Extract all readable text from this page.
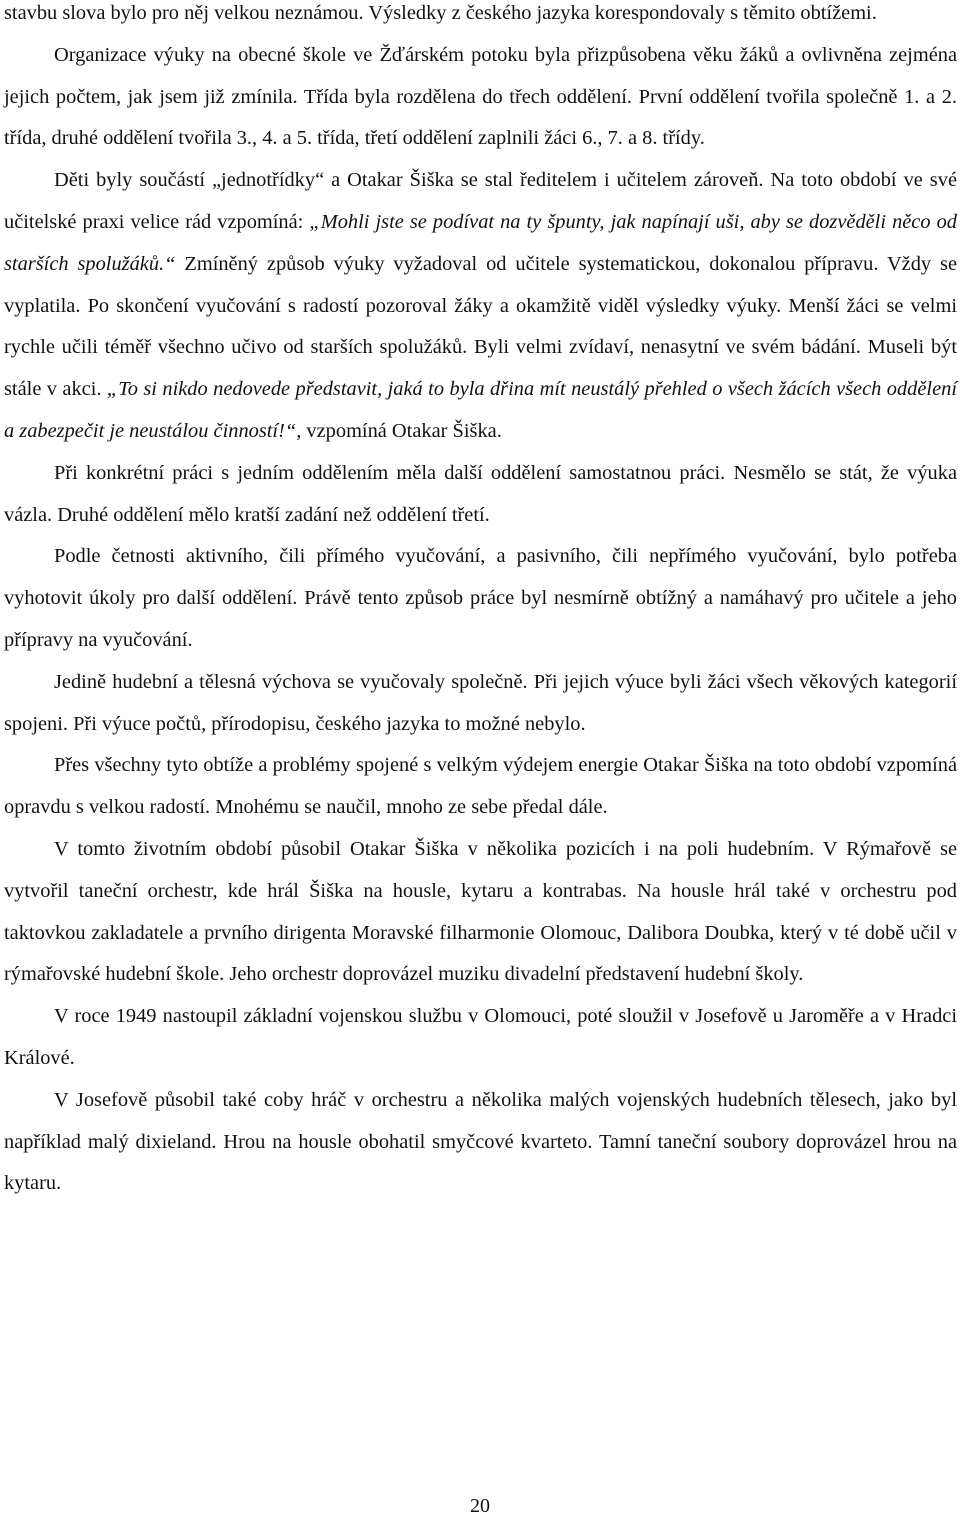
stavbu slova bylo pro něj velkou neznámou. Výsledky z českého jazyka korespondovaly s těmito obtížemi.

Organizace výuky na obecné škole ve Žďárském potoku byla přizpůsobena věku žáků a ovlivněna zejména jejich počtem, jak jsem již zmínila. Třída byla rozdělena do třech oddělení. První oddělení tvořila společně 1. a 2. třída, druhé oddělení tvořila 3., 4. a 5. třída, třetí oddělení zaplnili žáci 6., 7. a 8. třídy.

Děti byly součástí „jednotřídky“ a Otakar Šiška se stal ředitelem i učitelem zároveň. Na toto období ve své učitelské praxi velice rád vzpomíná: „Mohli jste se podívat na ty špunty, jak napínají uši, aby se dozvěděli něco od starších spolužáků.“ Zmíněný způsob výuky vyžadoval od učitele systematickou, dokonalou přípravu. Vždy se vyplatila. Po skončení vyučování s radostí pozoroval žáky a okamžitě viděl výsledky výuky. Menší žáci se velmi rychle učili téměř všechno učivo od starších spolužáků. Byli velmi zvídaví, nenasytní ve svém bádání. Museli být stále v akci. „To si nikdo nedovede představit, jaká to byla dřina mít neustálý přehled o všech žácích všech oddělení a zabezpečit je neustálou činností!“, vzpomíná Otakar Šiška.

Při konkrétní práci s jedním oddělením měla další oddělení samostatnou práci. Nesmělo se stát, že výuka vázla. Druhé oddělení mělo kratší zadání než oddělení třetí.

Podle četnosti aktivního, čili přímého vyučování, a pasivního, čili nepřímého vyučování, bylo potřeba vyhotovit úkoly pro další oddělení. Právě tento způsob práce byl nesmírně obtížný a namáhavý pro učitele a jeho přípravy na vyučování.

Jedině hudební a tělesná výchova se vyučovaly společně. Při jejich výuce byli žáci všech věkových kategorií spojeni. Při výuce počtů, přírodopisu, českého jazyka to možné nebylo.

Přes všechny tyto obtíže a problémy spojené s velkým výdejem energie Otakar Šiška na toto období vzpomíná opravdu s velkou radostí. Mnohému se naučil, mnoho ze sebe předal dále.

V tomto životním období působil Otakar Šiška v několika pozicích i na poli hudebním. V Rýmařově se vytvořil taneční orchestr, kde hrál Šiška na housle, kytaru a kontrabas. Na housle hrál také v orchestru pod taktovkou zakladatele a prvního dirigenta Moravské filharmonie Olomouc, Dalibora Doubka, který v té době učil v rýmařovské hudební škole. Jeho orchestr doprovázel muziku divadelní představení hudební školy.

V roce 1949 nastoupil základní vojenskou službu v Olomouci, poté sloužil v Josefově u Jaroměře a v Hradci Králové.

V Josefově působil také coby hráč v orchestru a několika malých vojenských hudebních tělesech, jako byl například malý dixieland. Hrou na housle obohatil smyčcové kvarteto. Tamní taneční soubory doprovázel hrou na kytaru.

20
